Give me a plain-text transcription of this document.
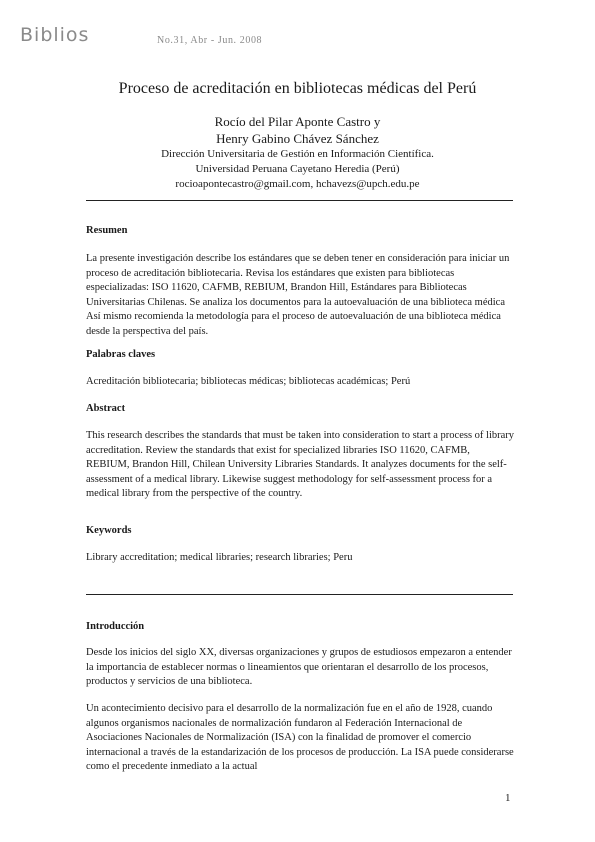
Biblios	No.31, Abr - Jun. 2008
Proceso de acreditación en bibliotecas médicas del Perú
Rocío del Pilar Aponte Castro y
Henry Gabino Chávez Sánchez
Dirección Universitaria de Gestión en Información Científica.
Universidad Peruana Cayetano Heredia (Perú)
rocioapontecastro@gmail.com, hchavezs@upch.edu.pe
Resumen

La presente investigación describe los estándares que se deben tener en consideración para iniciar un proceso de acreditación bibliotecaria. Revisa los estándares que existen para bibliotecas especializadas: ISO 11620, CAFMB, REBIUM, Brandon Hill, Estándares para Bibliotecas Universitarias Chilenas. Se analiza los documentos para la autoevaluación de una biblioteca médica Así mismo recomienda la metodología para el proceso de autoevaluación de una biblioteca médica desde la perspectiva del país.

Palabras claves

Acreditación bibliotecaria; bibliotecas médicas; bibliotecas académicas; Perú

Abstract

This research describes the standards that must be taken into consideration to start a process of library accreditation. Review the standards that exist for specialized libraries ISO 11620, CAFMB, REBIUM, Brandon Hill, Chilean University Libraries Standards. It analyzes documents for the self-assessment of a medical library. Likewise suggest methodology for self-assessment process for a medical library from the perspective of the country.

Keywords

Library accreditation; medical libraries; research libraries; Peru

Introducción

Desde los inicios del siglo XX, diversas organizaciones y grupos de estudiosos empezaron a entender la importancia de establecer normas o lineamientos que orientaran el desarrollo de los procesos, productos y servicios de una biblioteca.

Un acontecimiento decisivo para el desarrollo de la normalización fue en el año de 1928, cuando algunos organismos nacionales de normalización fundaron al Federación Internacional de Asociaciones Nacionales de Normalización (ISA) con la finalidad de promover el comercio internacional a través de la estandarización de los procesos de producción. La ISA puede considerarse como el precedente inmediato a la actual

1
